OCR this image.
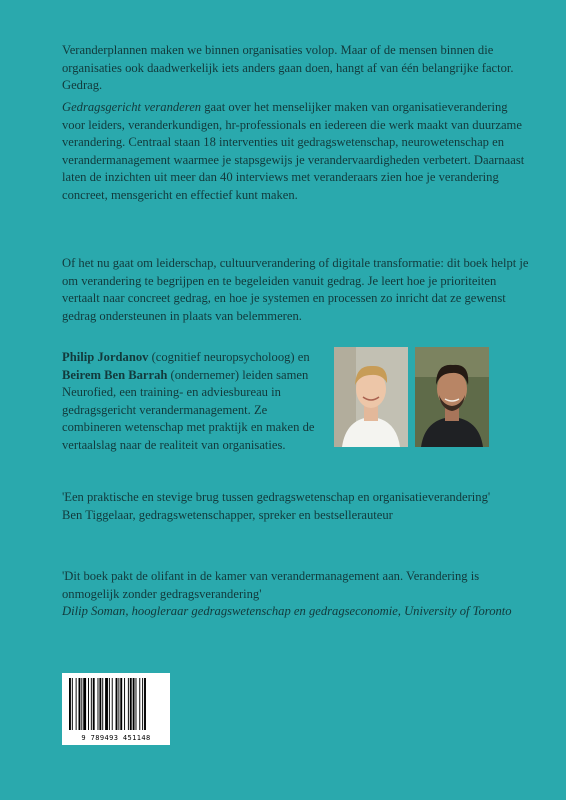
Veranderplannen maken we binnen organisaties volop. Maar of de mensen binnen die organisaties ook daadwerkelijk iets anders gaan doen, hangt af van één belangrijke factor. Gedrag.

Gedragsgericht veranderen gaat over het menselijker maken van organisatieverandering voor leiders, veranderkundigen, hr-professionals en iedereen die werk maakt van duurzame verandering. Centraal staan 18 interventies uit gedragswetenschap, neurowetenschap en verandermanagement waarmee je stapsgewijs je verandervaardigheden verbetert. Daarnaast laten de inzichten uit meer dan 40 interviews met veranderaars zien hoe je verandering concreet, mensgericht en effectief kunt maken.

Of het nu gaat om leiderschap, cultuurverandering of digitale transformatie: dit boek helpt je om verandering te begrijpen en te begeleiden vanuit gedrag. Je leert hoe je prioriteiten vertaalt naar concreet gedrag, en hoe je systemen en processen zo inricht dat ze gewenst gedrag ondersteunen in plaats van belemmeren.

Philip Jordanov (cognitief neuropsycholoog) en Beirem Ben Barrah (ondernemer) leiden samen Neurofied, een training- en adviesbureau in gedragsgericht verandermanagement. Ze combineren wetenschap met praktijk en maken de vertaalslag naar de realiteit van organisaties.

'Een praktische en stevige brug tussen gedragswetenschap en organisatieverandering'
Ben Tiggelaar, gedragswetenschapper, spreker en bestsellerauteur

'Dit boek pakt de olifant in de kamer van verandermanagement aan. Verandering is onmogelijk zonder gedragsverandering'
Dilip Soman, hoogleraar gedragswetenschap en gedragseconomie, University of Toronto

9 789493 451148
